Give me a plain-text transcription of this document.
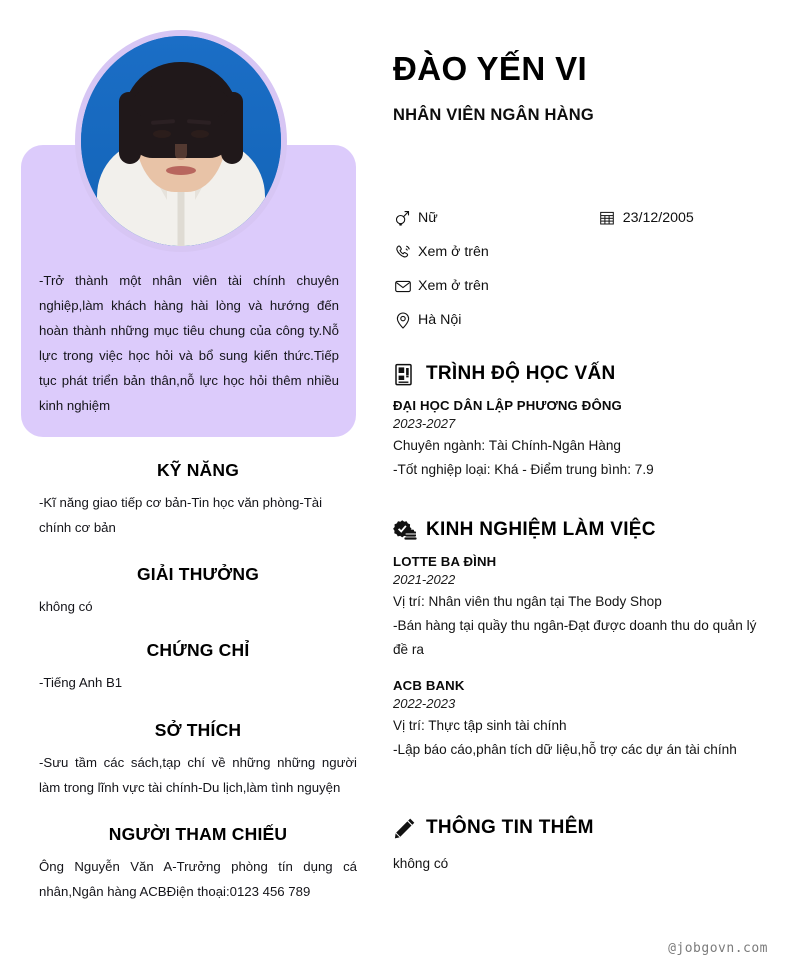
-Trở thành một nhân viên tài chính chuyên nghiệp,làm khách hàng hài lòng và hướng đến hoàn thành những mục tiêu chung của công ty.Nỗ lực trong việc học hỏi và bổ sung kiến thức.Tiếp tục phát triển bản thân,nỗ lực học hỏi thêm nhiều kinh nghiệm
KỸ NĂNG
-Kĩ năng giao tiếp cơ bản-Tin học văn phòng-Tài chính cơ bản
GIẢI THƯỞNG
không có
CHỨNG CHỈ
-Tiếng Anh B1
SỞ THÍCH
-Sưu tầm các sách,tạp chí về những những người làm trong lĩnh vực tài chính-Du lịch,làm tình nguyện
NGƯỜI THAM CHIẾU
Ông Nguyễn Văn A-Trưởng phòng tín dụng cá nhân,Ngân hàng ACBĐiện thoại:0123 456 789
ĐÀO YẾN VI
NHÂN VIÊN NGÂN HÀNG
Nữ	23/12/2005
Xem ở trên
Xem ở trên
Hà Nội
TRÌNH ĐỘ HỌC VẤN
ĐẠI HỌC DÂN LẬP PHƯƠNG ĐÔNG
2023-2027
Chuyên ngành: Tài Chính-Ngân Hàng
-Tốt nghiệp loại: Khá - Điểm trung bình: 7.9
KINH NGHIỆM LÀM VIỆC
LOTTE BA ĐÌNH
2021-2022
Vị trí: Nhân viên thu ngân tại The Body Shop
-Bán hàng tại quầy thu ngân-Đạt được doanh thu do quản lý đề ra
ACB BANK
2022-2023
Vị trí: Thực tập sinh tài chính
-Lập báo cáo,phân tích dữ liệu,hỗ trợ các dự án tài chính
THÔNG TIN THÊM
không có
@jobgovn.com
